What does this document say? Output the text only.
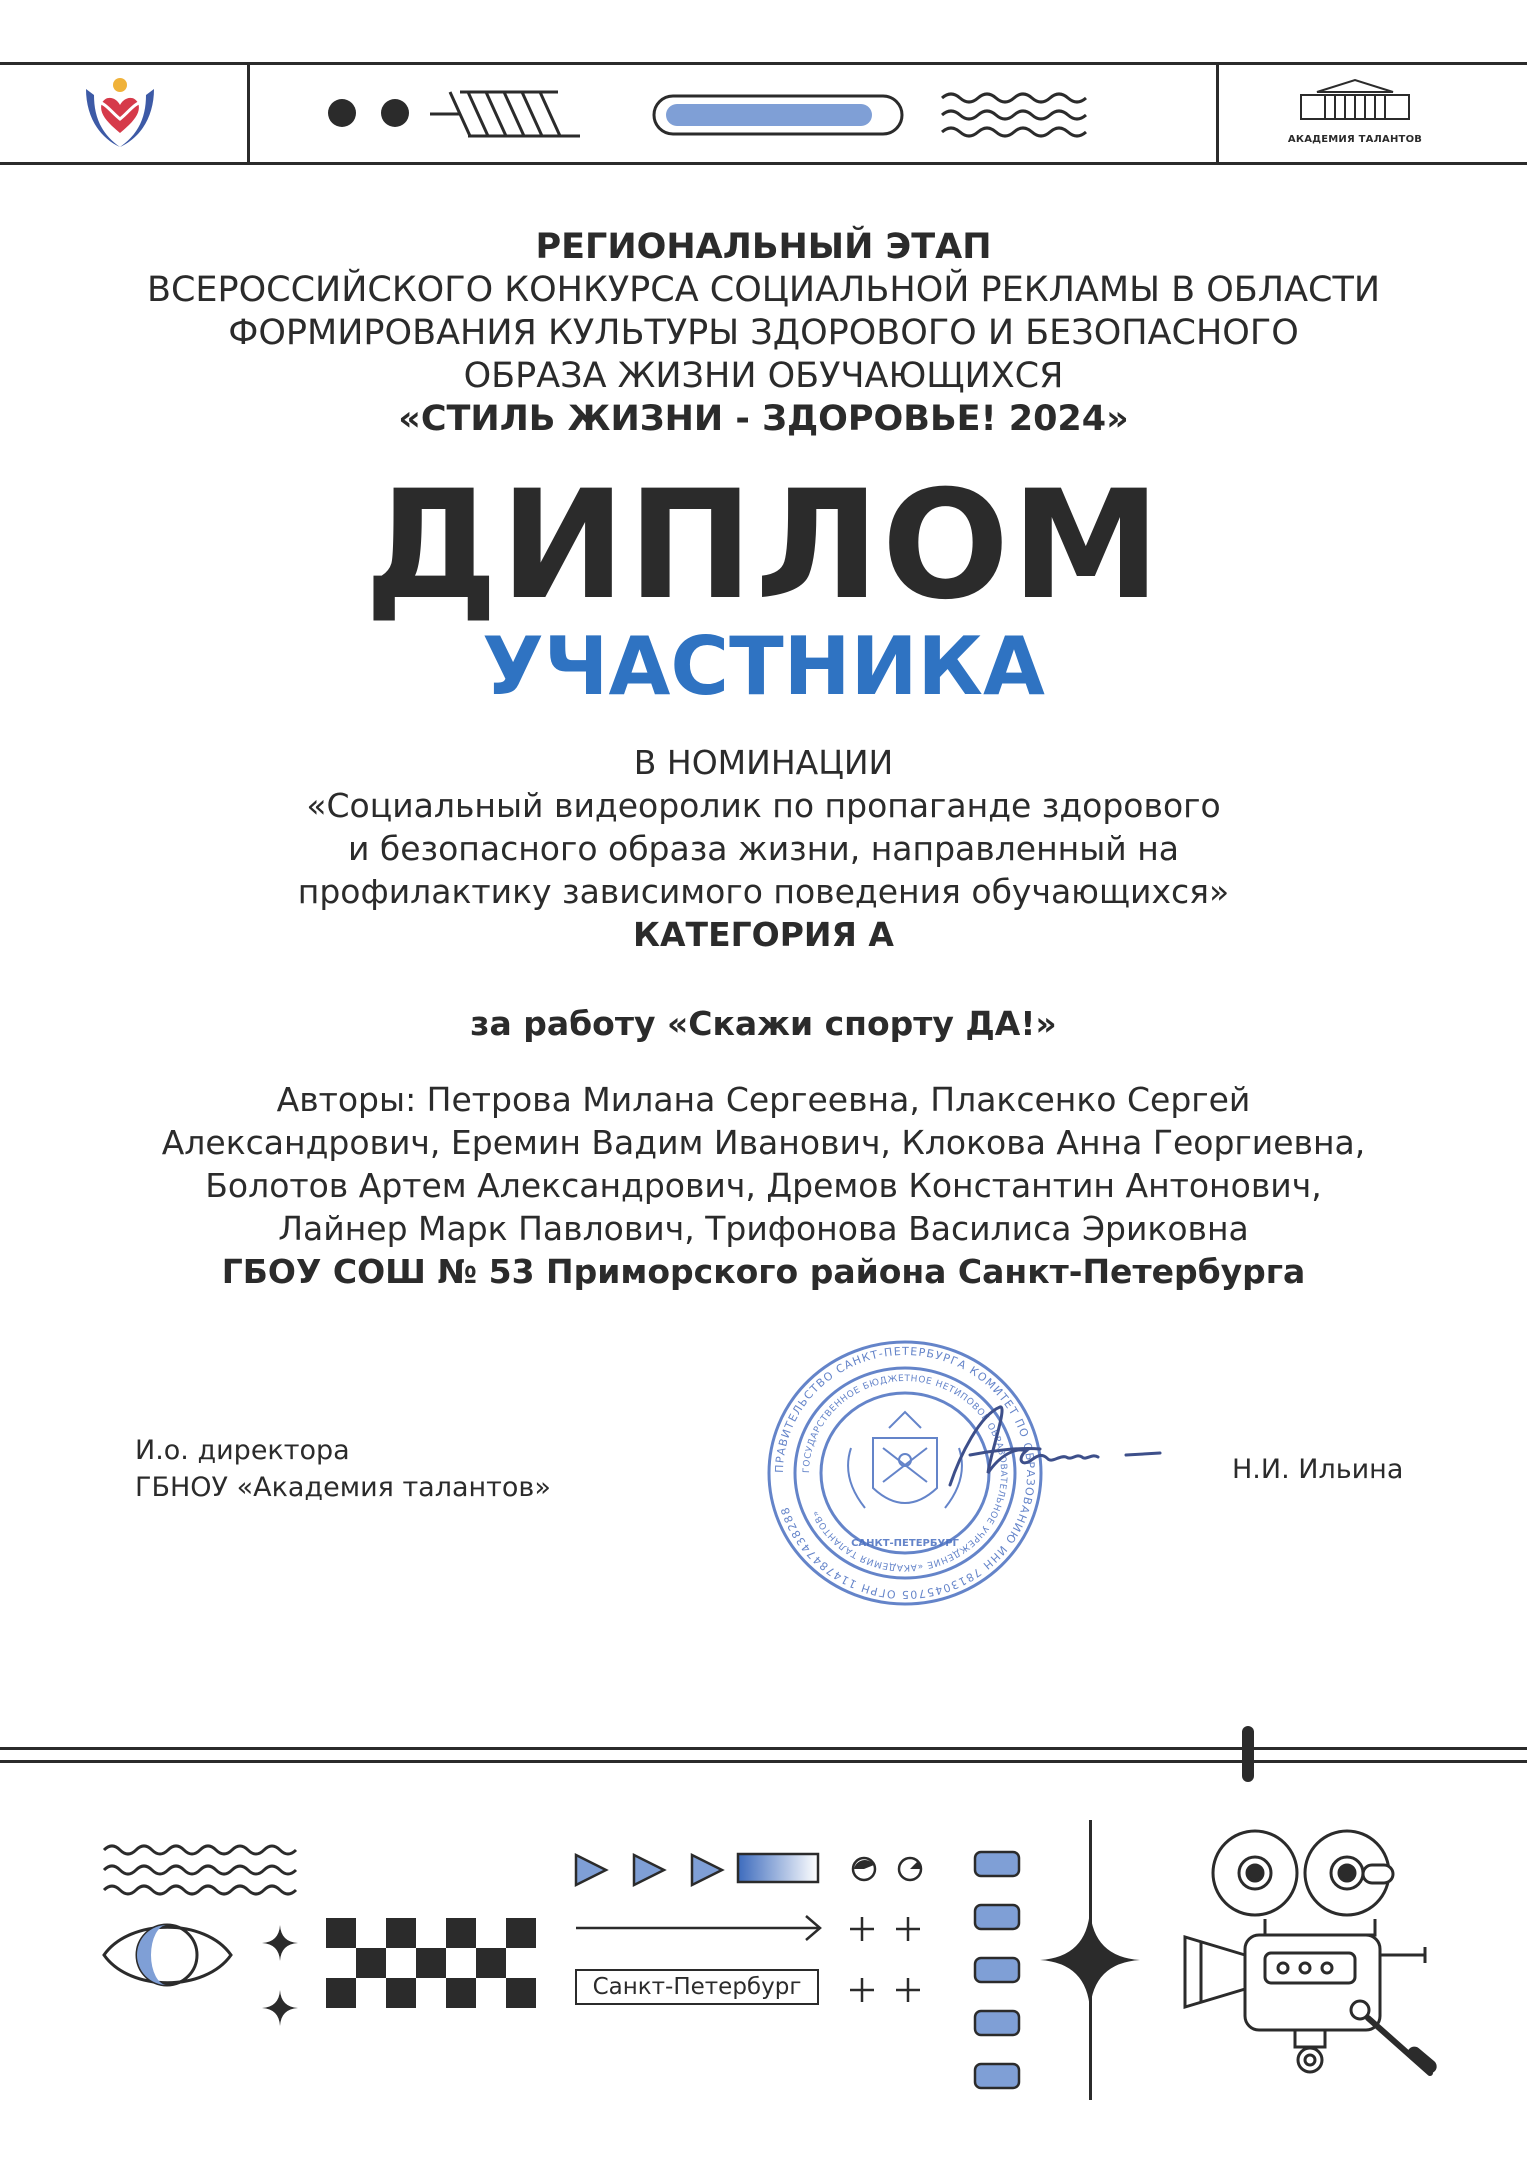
АКАДЕМИЯ ТАЛАНТОВ
РЕГИОНАЛЬНЫЙ ЭТАП
ВСЕРОССИЙСКОГО КОНКУРСА СОЦИАЛЬНОЙ РЕКЛАМЫ В ОБЛАСТИ
ФОРМИРОВАНИЯ КУЛЬТУРЫ ЗДОРОВОГО И БЕЗОПАСНОГО
ОБРАЗА ЖИЗНИ ОБУЧАЮЩИХСЯ
«СТИЛЬ ЖИЗНИ - ЗДОРОВЬЕ! 2024»
ДИПЛОМ
УЧАСТНИКА
В НОМИНАЦИИ
«Социальный видеоролик по пропаганде здорового
и безопасного образа жизни, направленный на
профилактику зависимого поведения обучающихся»
КАТЕГОРИЯ А
за работу «Скажи спорту ДА!»
Авторы: Петрова Милана Сергеевна, Плаксенко Сергей
Александрович, Еремин Вадим Иванович, Клокова Анна Георгиевна,
Болотов Артем Александрович, Дремов Константин Антонович,
Лайнер Марк Павлович, Трифонова Василиса Эриковна
ГБОУ СОШ № 53 Приморского района Санкт-Петербурга
И.о. директора
ГБНОУ «Академия талантов»
Н.И. Ильина
ПРАВИТЕЛЬСТВО САНКТ-ПЕТЕРБУРГА КОМИТЕТ ПО ОБРАЗОВАНИЮ ИНН 7813045705 ОГРН 1147847438288
ГОСУДАРСТВЕННОЕ БЮДЖЕТНОЕ НЕТИПОВОЕ ОБРАЗОВАТЕЛЬНОЕ УЧРЕЖДЕНИЕ «АКАДЕМИЯ ТАЛАНТОВ»
САНКТ-ПЕТЕРБУРГ
Санкт-Петербург
